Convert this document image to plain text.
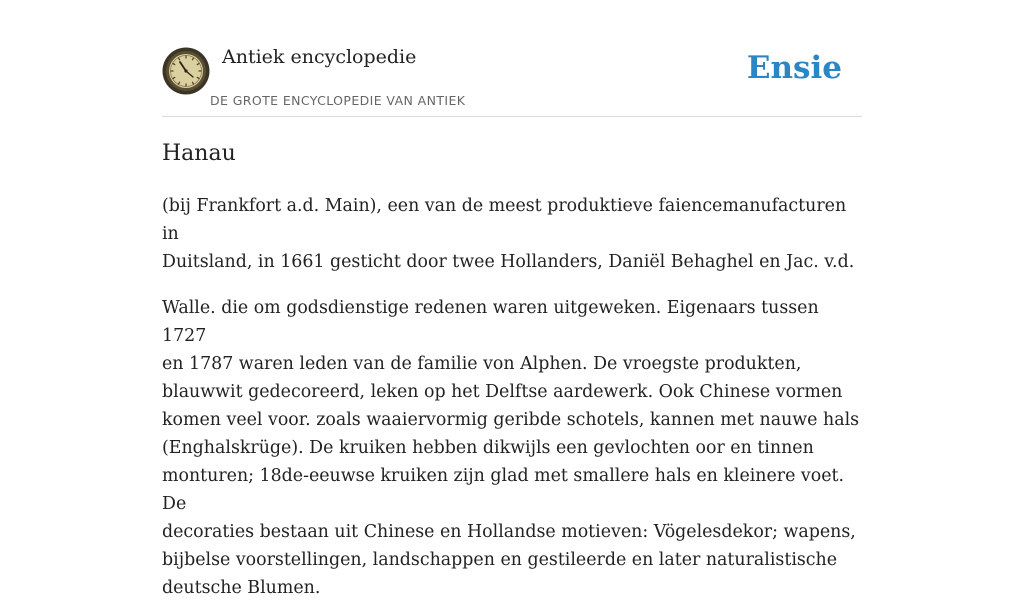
Antiek encyclopedie
DE GROTE ENCYCLOPEDIE VAN ANTIEK
Ensie
Hanau

(bij Frankfort a.d. Main), een van de meest produktieve faiencemanufacturen in
Duitsland, in 1661 gesticht door twee Hollanders, Daniël Behaghel en Jac. v.d.

Walle. die om godsdienstige redenen waren uitgeweken. Eigenaars tussen 1727
en 1787 waren leden van de familie von Alphen. De vroegste produkten,
blauwwit gedecoreerd, leken op het Delftse aardewerk. Ook Chinese vormen
komen veel voor. zoals waaiervormig geribde schotels, kannen met nauwe hals
(Enghalskrüge). De kruiken hebben dikwijls een gevlochten oor en tinnen
monturen; 18de-eeuwse kruiken zijn glad met smallere hals en kleinere voet. De
decoraties bestaan uit Chinese en Hollandse motieven: Vögelesdekor; wapens,
bijbelse voorstellingen, landschappen en gestileerde en later naturalistische
deutsche Blumen.
